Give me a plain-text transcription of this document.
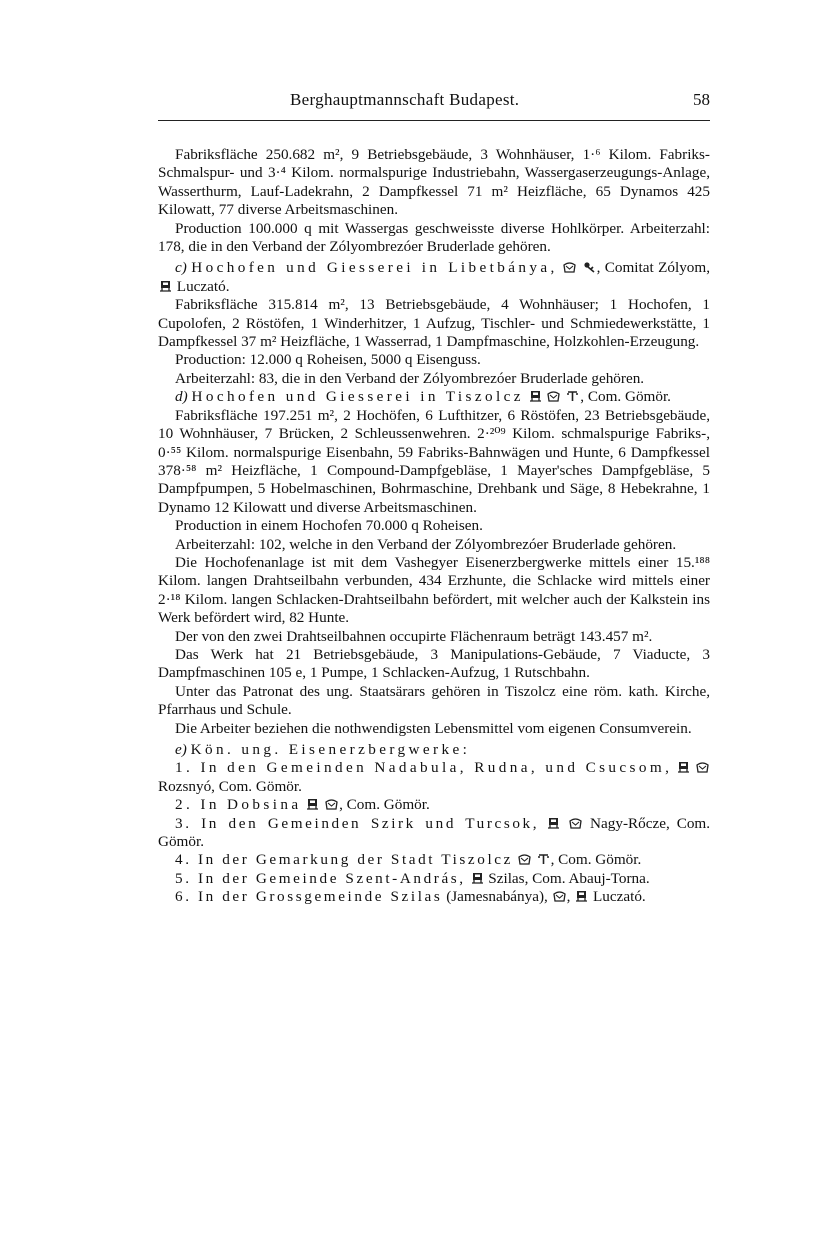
Berghauptmannschaft Budapest.	58

Fabriksfläche 250.682 m², 9 Betriebsgebäude, 3 Wohnhäuser, 1·⁶ Kilom. Fabriks-Schmalspur- und 3·⁴ Kilom. normalspurige Industriebahn, Wassergaserzeugungs-Anlage, Wasserthurm, Lauf-Ladekrahn, 2 Dampfkessel 71 m² Heizfläche, 65 Dynamos 425 Kilowatt, 77 diverse Arbeitsmaschinen.

Production 100.000 q mit Wassergas geschweisste diverse Hohlkörper. Arbeiterzahl: 178, die in den Verband der Zólyombrezóer Bruderlade gehören.

c) Hochofen und Giesserei in Libetbánya,
	, Comitat Zólyom,
Luczató.

Fabriksfläche 315.814 m², 13 Betriebsgebäude, 4 Wohnhäuser; 1 Hochofen, 1 Cupolofen, 2 Röstöfen, 1 Winderhitzer, 1 Aufzug, Tischler- und Schmiedewerkstätte, 1 Dampfkessel 37 m² Heizfläche, 1 Wasserrad, 1 Dampfmaschine, Holzkohlen-Erzeugung.

Production: 12.000 q Roheisen, 5000 q Eisenguss.

Arbeiterzahl: 83, die in den Verband der Zólyombrezóer Bruderlade gehören.

d) Hochofen und Giesserei in Tiszolcz

	, Com. Gömör.

Fabriksfläche 197.251 m², 2 Hochöfen, 6 Lufthitzer, 6 Röstöfen, 23 Betriebsgebäude, 10 Wohnhäuser, 7 Brücken, 2 Schleussenwehren. 2·²⁰⁹ Kilom. schmalspurige Fabriks-, 0·⁵⁵ Kilom. normalspurige Eisenbahn, 59 Fabriks-Bahnwägen und Hunte, 6 Dampfkessel 378·⁵⁸ m² Heizfläche, 1 Compound-Dampfgebläse, 1 Mayer'sches Dampfgebläse, 5 Dampfpumpen, 5 Hobelmaschinen, Bohrmaschine, Drehbank und Säge, 8 Hebekrahne, 1 Dynamo 12 Kilowatt und diverse Arbeitsmaschinen.

Production in einem Hochofen 70.000 q Roheisen.

Arbeiterzahl: 102, welche in den Verband der Zólyombrezóer Bruderlade gehören.

Die Hochofenanlage ist mit dem Vashegyer Eisenerzbergwerke mittels einer 15.¹⁸⁸ Kilom. langen Drahtseilbahn verbunden, 434 Erzhunte, die Schlacke wird mittels einer 2·¹⁸ Kilom. langen Schlacken-Drahtseilbahn befördert, mit welcher auch der Kalkstein ins Werk befördert wird, 82 Hunte.

Der von den zwei Drahtseilbahnen occupirte Flächenraum beträgt 143.457 m².

Das Werk hat 21 Betriebsgebäude, 3 Manipulations-Gebäude, 7 Viaducte, 3 Dampfmaschinen 105 e, 1 Pumpe, 1 Schlacken-Aufzug, 1 Rutschbahn.

Unter das Patronat des ung. Staatsärars gehören in Tiszolcz eine röm. kath. Kirche, Pfarrhaus und Schule.

Die Arbeiter beziehen die nothwendigsten Lebensmittel vom eigenen Consumverein.

e) Kön. ung. Eisenerzbergwerke:

1. In den Gemeinden Nadabula, Rudna, und Csucsom,

Rozsnyó, Com. Gömör.

2. In Dobsina
, Com. Gömör.

3. In den Gemeinden Szirk und Turcsok,
	Nagy-Rőcze, Com. Gömör.

4. In der Gemarkung der Stadt Tiszolcz
, Com. Gömör.

5. In der Gemeinde Szent-András, Szilas, Com. Abauj-Torna.

6. In der Grossgemeinde Szilas (Jamesnabánya), ,
Luczató.
